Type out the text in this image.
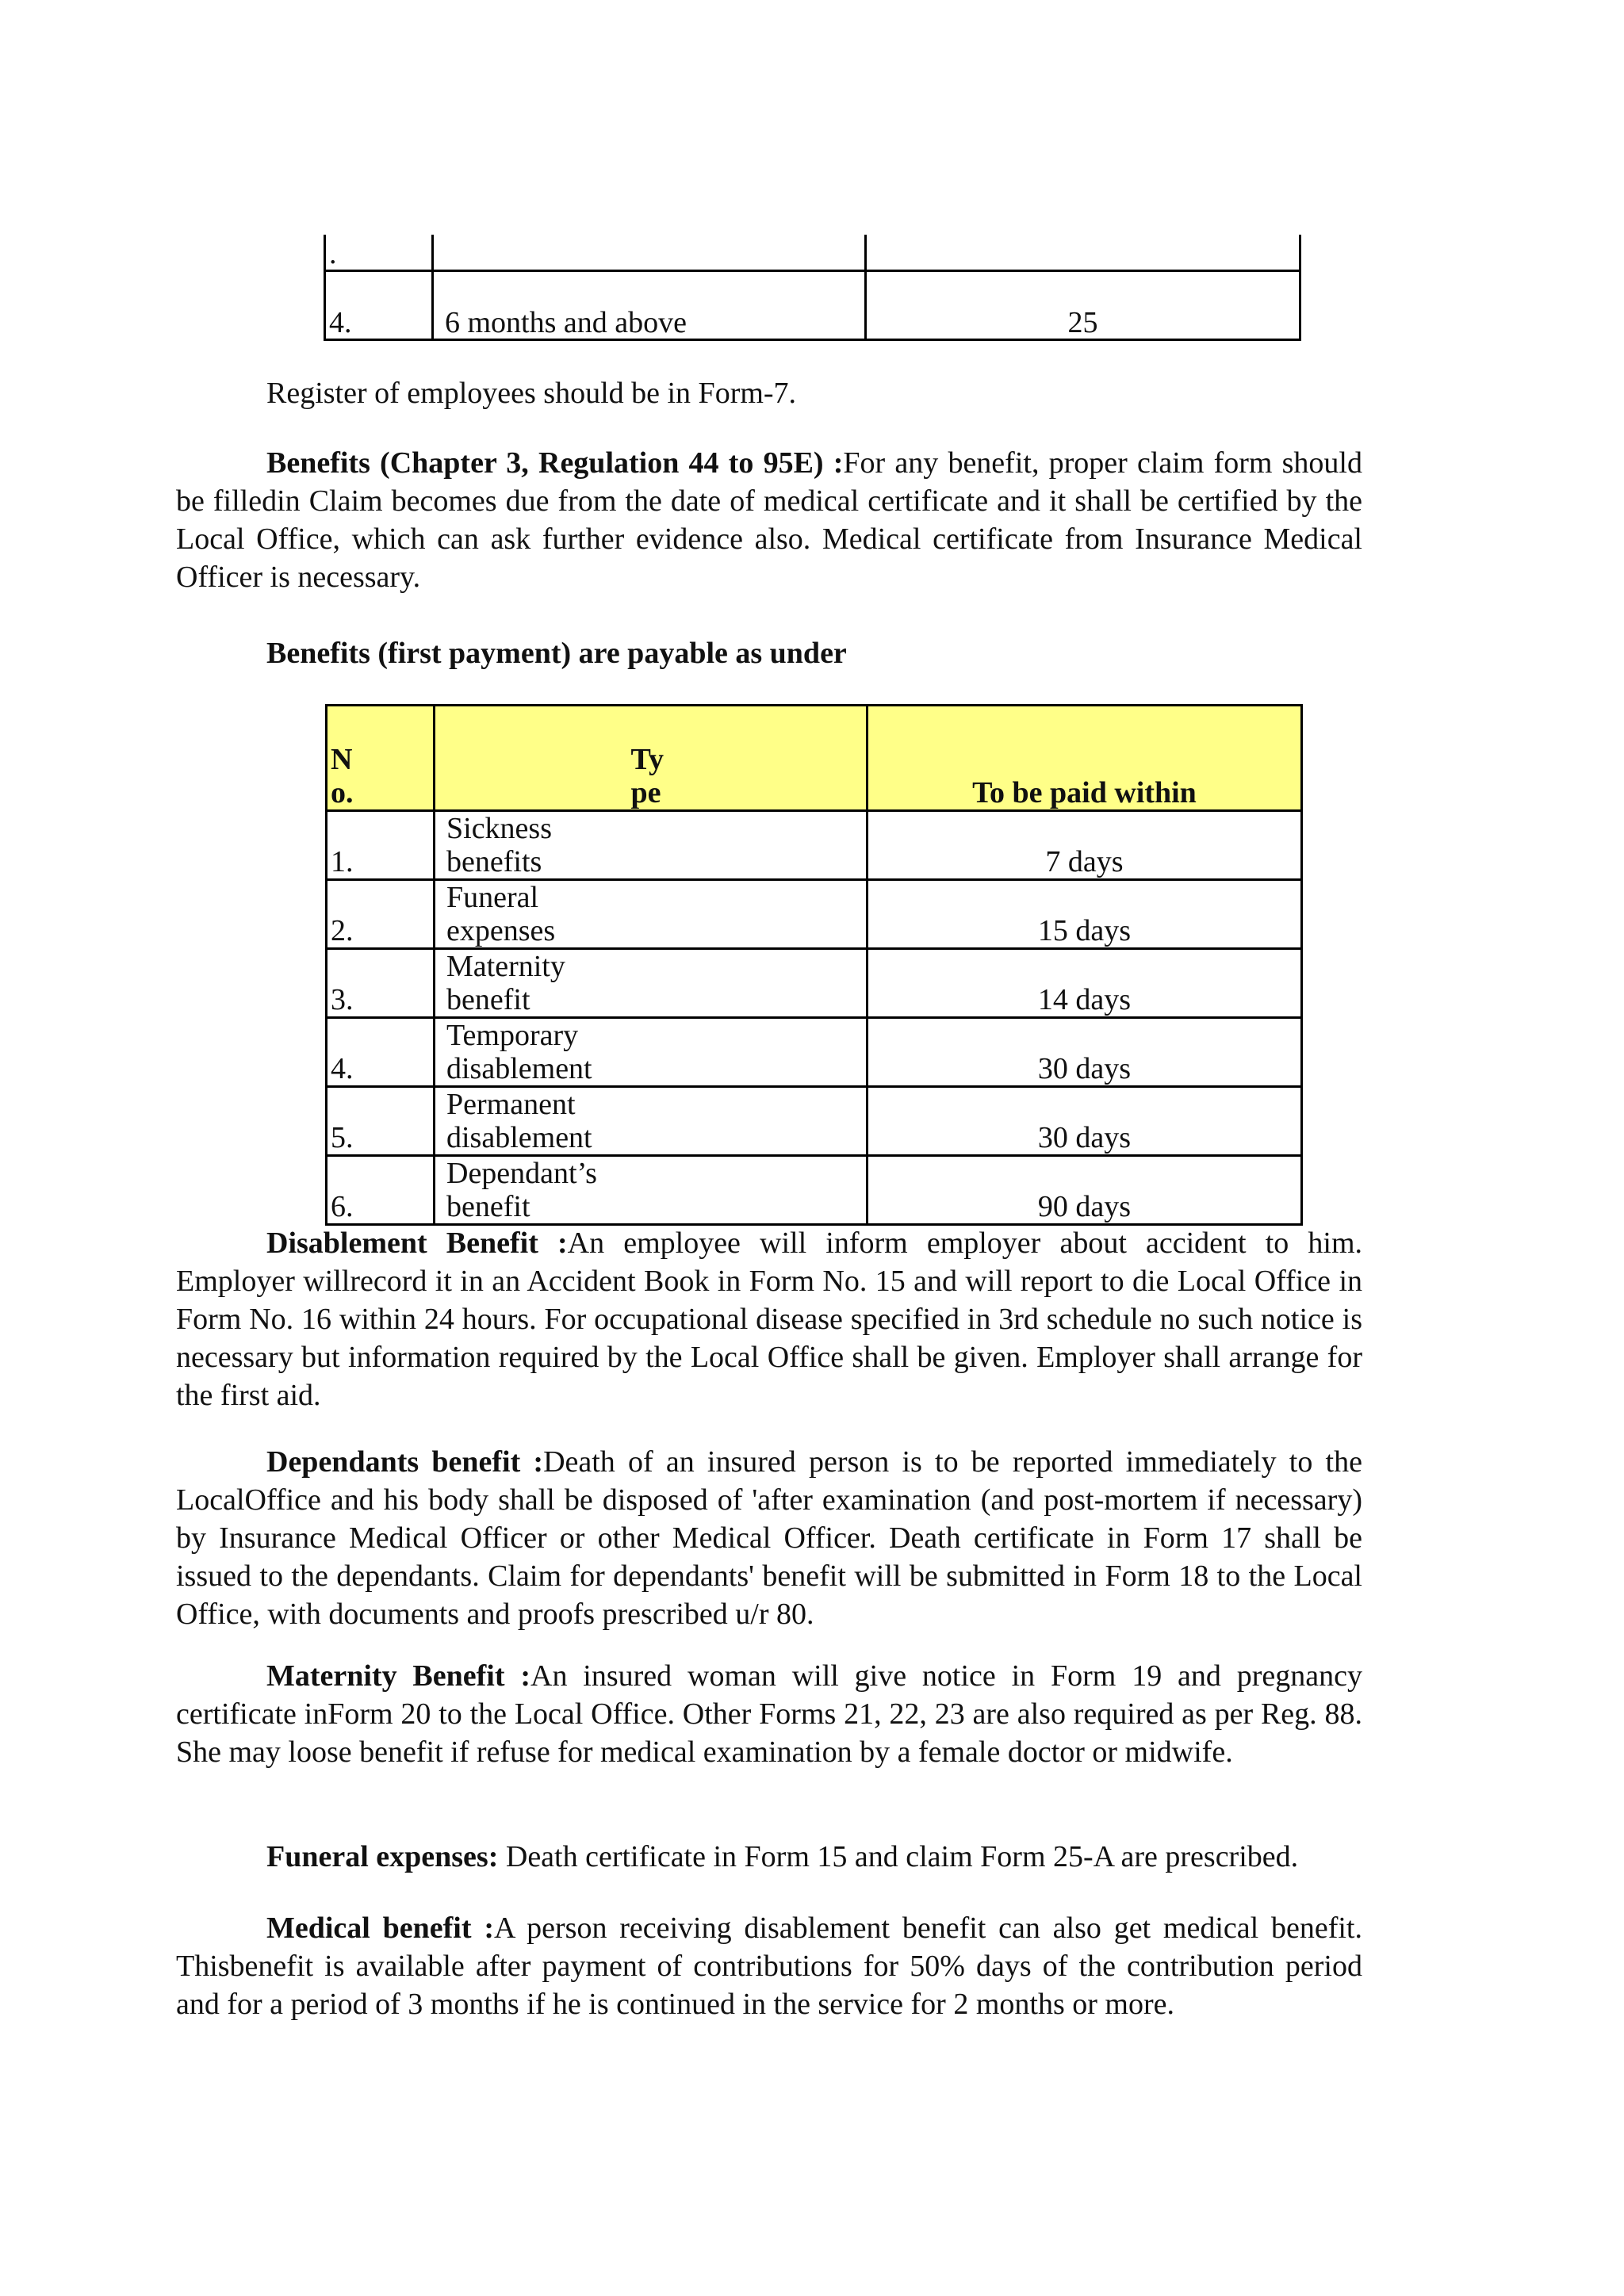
.		

4.	6 months and above	25

Register of employees should be in Form-7.

Benefits (Chapter 3, Regulation 44 to 95E) :For any benefit, proper claim form should be filledin Claim becomes due from the date of medical certificate and it shall be certified by the Local Office, which can ask further evidence also. Medical certificate from Insurance Medical Officer is necessary.

Benefits (first payment) are payable as under

No.	Type	To be paid within

1.	Sickness benefits	7 days

2.	Funeral expenses	15 days

3.	Maternity benefit	14 days

4.	Temporary disablement	30 days

5.	Permanent disablement	30 days

6.	Dependant’s benefit	90 days

Disablement Benefit :An employee will inform employer about accident to him. Employer willrecord it in an Accident Book in Form No. 15 and will report to die Local Office in Form No. 16 within 24 hours. For occupational disease specified in 3rd schedule no such notice is necessary but information required by the Local Office shall be given. Employer shall arrange for the first aid.

Dependants benefit :Death of an insured person is to be reported immediately to the LocalOffice and his body shall be disposed of 'after examination (and post-mortem if necessary) by Insurance Medical Officer or other Medical Officer. Death certificate in Form 17 shall be issued to the dependants. Claim for dependants' benefit will be submitted in Form 18 to the Local Office, with documents and proofs prescribed u/r 80.

Maternity Benefit :An insured woman will give notice in Form 19 and pregnancy certificate inForm 20 to the Local Office. Other Forms 21, 22, 23 are also required as per Reg. 88. She may loose benefit if refuse for medical examination by a female doctor or midwife.

Funeral expenses: Death certificate in Form 15 and claim Form 25-A are prescribed.

Medical benefit :A person receiving disablement benefit can also get medical benefit. Thisbenefit is available after payment of contributions for 50% days of the contribution period and for a period of 3 months if he is continued in the service for 2 months or more.
